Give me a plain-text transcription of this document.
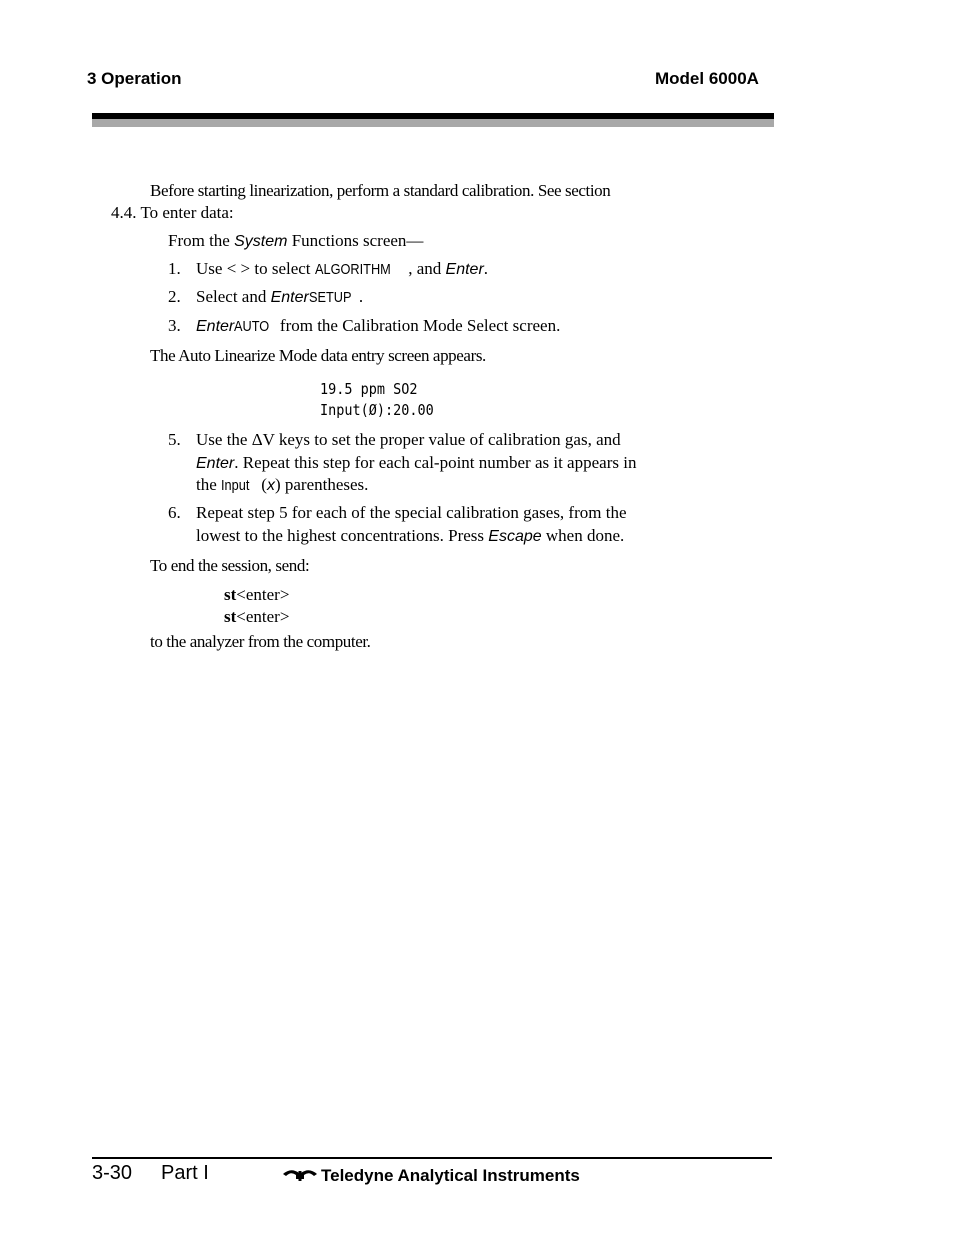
3 Operation	Model 6000A
Before starting linearization, perform a standard calibration. See section
4.4. To enter data:
From the System Functions screen—
1. Use < > to select ALGORITHM , and Enter.
2. Select and EnterSETUP .
3. EnterAUTO from the Calibration Mode Select screen.
The Auto Linearize Mode data entry screen appears.
19.5 ppm SO2
Input(Ø):20.00
5. Use the ΔV keys to set the proper value of calibration gas, and
Enter. Repeat this step for each cal-point number as it appears in
the Input (x) parentheses.
6. Repeat step 5 for each of the special calibration gases, from the
lowest to the highest concentrations. Press Escape when done.
To end the session, send:
st<enter>
st<enter>
to the analyzer from the computer.
3-30 Part I	Teledyne Analytical Instruments
